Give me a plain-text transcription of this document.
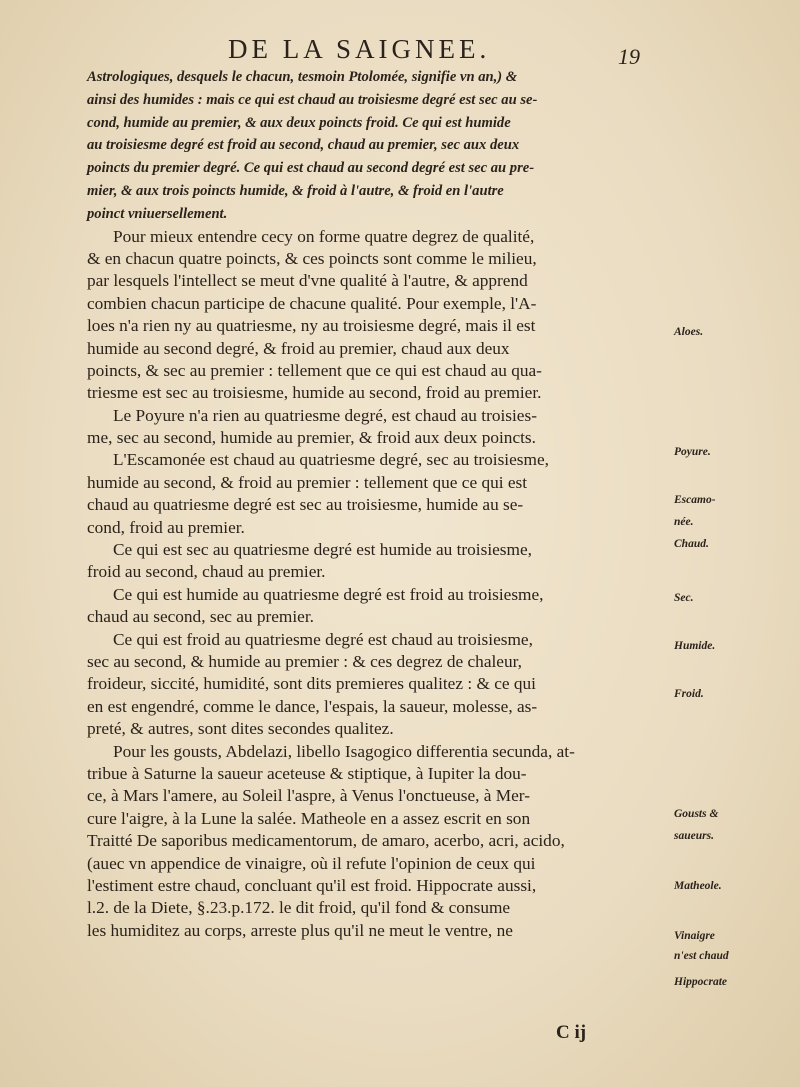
DE LA SAIGNEE.	19
Astrologiques, desquels le chacun, tesmoin Ptolomée, signifie vn an,) &
ainsi des humides : mais ce qui est chaud au troisiesme degré est sec au se-
cond, humide au premier, & aux deux poincts froid. Ce qui est humide
au troisiesme degré est froid au second, chaud au premier, sec aux deux
poincts du premier degré. Ce qui est chaud au second degré est sec au pre-
mier, & aux trois poincts humide, & froid à l'autre, & froid en l'autre
poinct vniuersellement.
Pour mieux entendre cecy on forme quatre degrez de qualité,
& en chacun quatre poincts, & ces poincts sont comme le milieu,
par lesquels l'intellect se meut d'vne qualité à l'autre, & apprend
combien chacun participe de chacune qualité. Pour exemple, l'A-
loes n'a rien ny au quatriesme, ny au troisiesme degré, mais il est
humide au second degré, & froid au premier, chaud aux deux
poincts, & sec au premier : tellement que ce qui est chaud au qua-
triesme est sec au troisiesme, humide au second, froid au premier.
Le Poyure n'a rien au quatriesme degré, est chaud au troisies-
me, sec au second, humide au premier, & froid aux deux poincts.
L'Escamonée est chaud au quatriesme degré, sec au troisiesme,
humide au second, & froid au premier : tellement que ce qui est
chaud au quatriesme degré est sec au troisiesme, humide au se-
cond, froid au premier.
Ce qui est sec au quatriesme degré est humide au troisiesme,
froid au second, chaud au premier.
Ce qui est humide au quatriesme degré est froid au troisiesme,
chaud au second, sec au premier.
Ce qui est froid au quatriesme degré est chaud au troisiesme,
sec au second, & humide au premier : & ces degrez de chaleur,
froideur, siccité, humidité, sont dits premieres qualitez : & ce qui
en est engendré, comme le dance, l'espais, la saueur, molesse, as-
preté, & autres, sont dites secondes qualitez.
Pour les gousts, Abdelazi, libello Isagogico differentia secunda, at-
tribue à Saturne la saueur aceteuse & stiptique, à Iupiter la dou-
ce, à Mars l'amere, au Soleil l'aspre, à Venus l'onctueuse, à Mer-
cure l'aigre, à la Lune la salée. Matheole en a assez escrit en son
Traitté De saporibus medicamentorum, de amaro, acerbo, acri, acido,
(auec vn appendice de vinaigre, où il refute l'opinion de ceux qui
l'estiment estre chaud, concluant qu'il est froid. Hippocrate aussi,
l.2. de la Diete, §.23.p.172. le dit froid, qu'il fond & consume
les humiditez au corps, arreste plus qu'il ne meut le ventre, ne
Aloes.
Poyure.
Escamo-
née.
Chaud.
Sec.
Humide.
Froid.
Gousts &
saueurs.
Matheole.
Vinaigre
n'est chaud
Hippocrate
C ij
